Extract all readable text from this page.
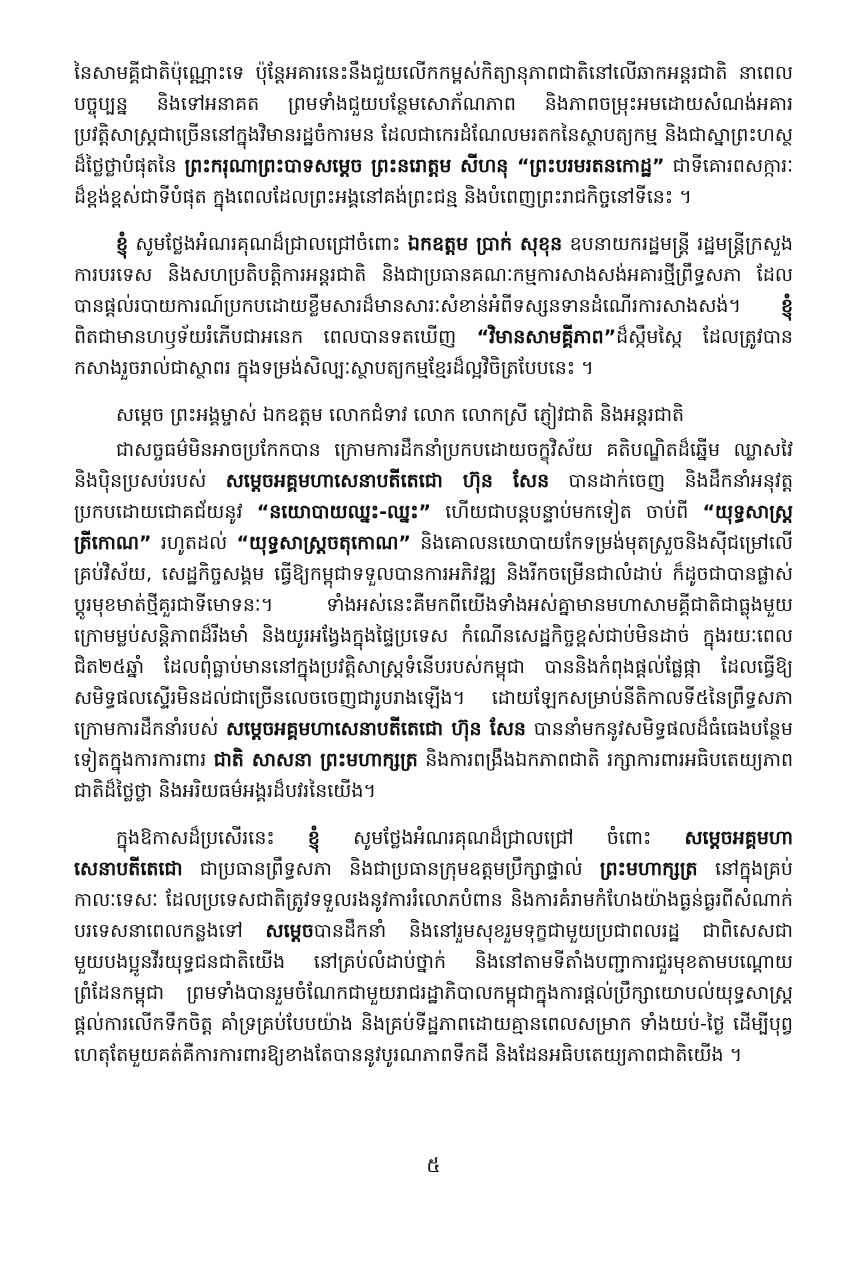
នៃសាមគ្គីជាតិប៉ុណ្ណោះទេ ប៉ុន្តែអគារនេះនឹងជួយលើកកម្ពស់កិត្យានុភាពជាតិនៅលើឆាកអន្តរជាតិ នាពេលបច្ចុប្បន្ន និងទៅអនាគត ព្រមទាំងជួយបន្ថែមសោភ័ណភាព និងភាពចម្រុះអមដោយសំណង់អគារប្រវត្តិសាស្ត្រជាច្រើននៅក្នុងវិមានរដ្ឋចំការមន ដែលជាកេរដំណែលមរតកនៃស្ថាបត្យកម្ម និងជាស្នាព្រះហស្ថដ៏ថ្លៃថ្លាបំផុតនៃ ព្រះករុណាព្រះបាទសម្តេច ព្រះនរោត្តម សីហនុ “ព្រះបរមរតនកោដ្ឋ” ជាទីគោរពសក្ការៈដ៏ខ្ពង់ខ្ពស់ជាទីបំផុត ក្នុងពេលដែលព្រះអង្គនៅគង់ព្រះជន្ម និងបំពេញព្រះរាជកិច្ចនៅទីនេះ ។

ខ្ញុំ សូមថ្លែងអំណរគុណដ៏ជ្រាលជ្រៅចំពោះ ឯកឧត្តម ប្រាក់ សុខុន ឧបនាយករដ្ឋមន្ត្រី រដ្ឋមន្ត្រីក្រសួងការបរទេស និងសហប្រតិបត្តិការអន្តរជាតិ និងជាប្រធានគណៈកម្មការសាងសង់អគារថ្មីព្រឹទ្ធសភា ដែលបានផ្តល់របាយការណ៍ប្រកបដោយខ្លឹមសារដ៏មានសារៈសំខាន់អំពីទស្សនទានដំណើរការសាងសង់។ ខ្ញុំ ពិតជាមានហឫទ័យរំភើបជាអនេក ពេលបានទតឃើញ “វិមានសាមគ្គីភាព”ដ៏ស្កឹមស្កៃ ដែលត្រូវបានកសាងរួចរាល់ជាស្ថាពរ ក្នុងទម្រង់សិល្បៈស្ថាបត្យកម្មខ្មែរដ៏ល្អវិចិត្របែបនេះ ។

សម្តេច ព្រះអង្គម្ចាស់ ឯកឧត្តម លោកជំទាវ លោក លោកស្រី ភ្ញៀវជាតិ និងអន្តរជាតិ

ជាសច្ចធម៌មិនអាចប្រកែកបាន ក្រោមការដឹកនាំប្រកបដោយចក្ខុវិស័យ គតិបណ្ឌិតដ៏ឆ្នើម ឈ្លាសវៃ និងប៉ិនប្រសប់របស់ សម្តេចអគ្គមហាសេនាបតីតេជោ ហ៊ុន សែន បានដាក់ចេញ និងដឹកនាំអនុវត្តប្រកបដោយជោគជ័យនូវ “នយោបាយឈ្នះ-ឈ្នះ” ហើយជាបន្តបន្ទាប់មកទៀត ចាប់ពី “យុទ្ធសាស្ត្រត្រីកោណ” រហូតដល់ “យុទ្ធសាស្ត្រចតុកោណ” និងគោលនយោបាយកែទម្រង់មុតស្រួចនិងស៊ីជម្រៅលើគ្រប់វិស័យ, សេដ្ឋកិច្ចសង្គម ធ្វើឱ្យកម្ពុជាទទួលបានការអភិវឌ្ឍ និងរីកចម្រើនជាលំដាប់ ក៏ដូចជាបានផ្លាស់ប្តូរមុខមាត់ថ្មីគួរជាទីមោទនៈ។ ទាំងអស់នេះគឺមកពីយើងទាំងអស់គ្នាមានមហាសាមគ្គីជាតិជាធ្លុងមួយ ក្រោមម្លប់សន្តិភាពដ៏រឹងមាំ និងយូរអង្វែងក្នុងផ្ទៃប្រទេស កំណើនសេដ្ឋកិច្ចខ្ពស់ជាប់មិនដាច់ ក្នុងរយៈពេលជិត២៥ឆ្នាំ ដែលពុំធ្លាប់មាននៅក្នុងប្រវត្តិសាស្ត្រទំនើបរបស់កម្ពុជា បាននិងកំពុងផ្តល់ផ្លែផ្កា ដែលធ្វើឱ្យសមិទ្ធផលស្ទើរមិនដល់ជាច្រើនលេចចេញជារូបរាងឡើង។ ដោយឡែកសម្រាប់នីតិកាលទី៥នៃព្រឹទ្ធសភា ក្រោមការដឹកនាំរបស់ សម្តេចអគ្គមហាសេនាបតីតេជោ ហ៊ុន សែន បាននាំមកនូវសមិទ្ធផលដ៏ធំធេងបន្ថែមទៀតក្នុងការការពារ ជាតិ សាសនា ព្រះមហាក្សត្រ និងការពង្រឹងឯកភាពជាតិ រក្សាការពារអធិបតេយ្យភាពជាតិដ៏ថ្លៃថ្លា និងអរិយធម៌អង្គរដ៏បវរនៃយើង។

ក្នុងឱកាសដ៏ប្រសើរនេះ ខ្ញុំ សូមថ្លែងអំណរគុណដ៏ជ្រាលជ្រៅ ចំពោះ សម្តេចអគ្គមហាសេនាបតីតេជោ ជាប្រធានព្រឹទ្ធសភា និងជាប្រធានក្រុមឧត្តមប្រឹក្សាផ្ទាល់ ព្រះមហាក្សត្រ នៅក្នុងគ្រប់កាលៈទេសៈ ដែលប្រទេសជាតិត្រូវទទួលរងនូវការរំលោភបំពាន និងការគំរាមកំហែងយ៉ាងធ្ងន់ធ្ងរពីសំណាក់បរទេសនាពេលកន្លងទៅ សម្តេចបានដឹកនាំ និងនៅរួមសុខរួមទុក្ខជាមួយប្រជាពលរដ្ឋ ជាពិសេសជាមួយបងប្អូនវីរយុទ្ធជនជាតិយើង នៅគ្រប់លំដាប់ថ្នាក់ និងនៅតាមទីតាំងបញ្ជាការជួរមុខតាមបណ្តោយព្រំដែនកម្ពុជា ព្រមទាំងបានរួមចំណែកជាមួយរាជរដ្ឋាភិបាលកម្ពុជាក្នុងការផ្តល់ប្រឹក្សាយោបល់យុទ្ធសាស្ត្រ ផ្តល់ការលើកទឹកចិត្ត គាំទ្រគ្រប់បែបយ៉ាង និងគ្រប់ទីដ្ឋភាពដោយគ្មានពេលសម្រាក ទាំងយប់-ថ្ងៃ ដើម្បីបុព្វហេតុតែមួយគត់គឺការការពារឱ្យខាងតែបាននូវបូរណភាពទឹកដី និងដែនអធិបតេយ្យភាពជាតិយើង ។

៥
